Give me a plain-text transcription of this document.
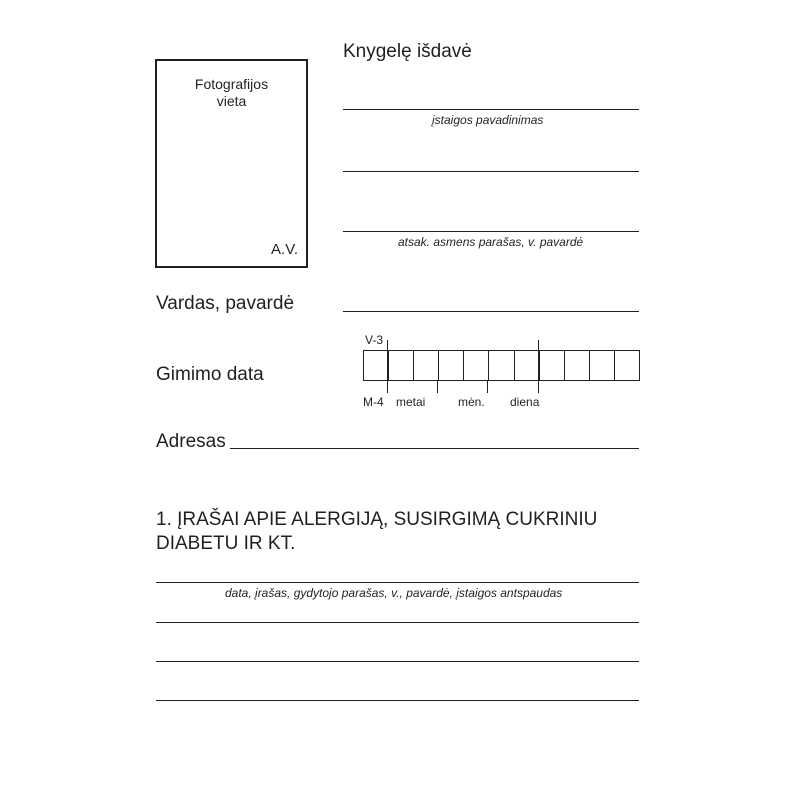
Fotografijos
vieta
A.V.
Knygelę išdavė
įstaigos pavadinimas
atsak. asmens parašas, v. pavardė
Vardas, pavardė
Gimimo data
V-3
M-4 metai	mėn. diena
Adresas
1. ĮRAŠAI APIE ALERGIJĄ, SUSIRGIMĄ CUKRINIU
DIABETU IR KT.
data, įrašas, gydytojo parašas, v., pavardė, įstaigos antspaudas
